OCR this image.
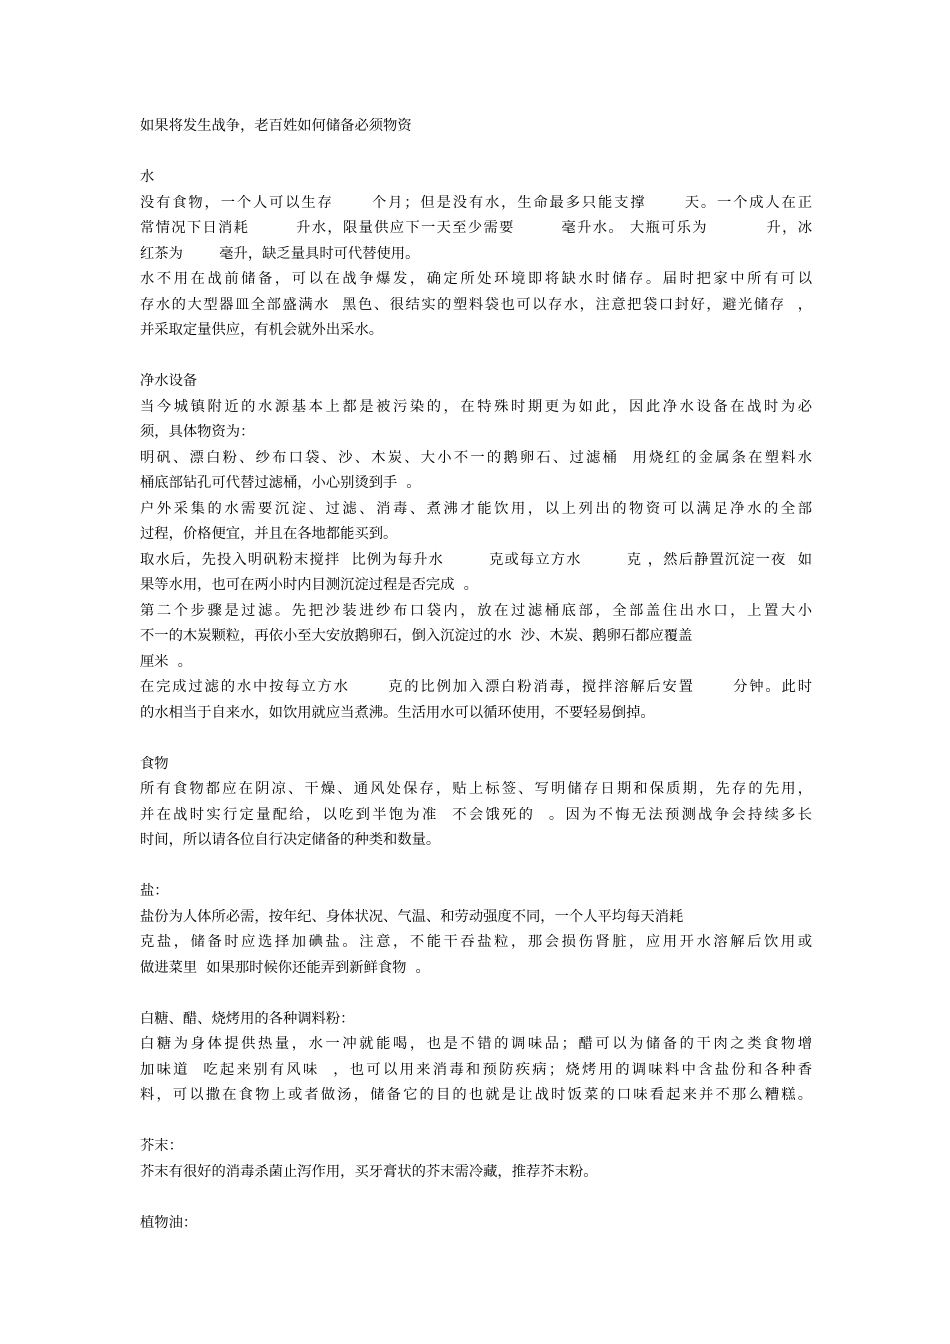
如果将发生战争，老百姓如何储备必须物资
水
没有食物，一个人可以生存      个月；但是没有水，生命最多只能支撑      天。一个成人在正
常情况下日消耗        升水，限量供应下一天至少需要        毫升水。 大瓶可乐为          升，冰
红茶为        毫升，缺乏量具时可代替使用。
水不用在战前储备，可以在战争爆发，确定所处环境即将缺水时储存。届时把家中所有可以
存水的大型器皿全部盛满水  黑色、很结实的塑料袋也可以存水，注意把袋口封好，避光储存  ，
并采取定量供应，有机会就外出采水。
净水设备
当今城镇附近的水源基本上都是被污染的，在特殊时期更为如此，因此净水设备在战时为必
须，具体物资为：
明矾、漂白粉、纱布口袋、沙、木炭、大小不一的鹅卵石、过滤桶  用烧红的金属条在塑料水
桶底部钻孔可代替过滤桶，小心别烫到手  。
户外采集的水需要沉淀、过滤、消毒、煮沸才能饮用，以上列出的物资可以满足净水的全部
过程，价格便宜，并且在各地都能买到。
取水后，先投入明矾粉末搅拌  比例为每升水        克或每立方水        克 ，然后静置沉淀一夜  如
果等水用，也可在两小时内目测沉淀过程是否完成  。
第二个步骤是过滤。先把沙装进纱布口袋内，放在过滤桶底部，全部盖住出水口，上置大小
不一的木炭颗粒，再依小至大安放鹅卵石，倒入沉淀过的水  沙、木炭、鹅卵石都应覆盖
厘米  。
在完成过滤的水中按每立方水      克的比例加入漂白粉消毒，搅拌溶解后安置      分钟。此时
的水相当于自来水，如饮用就应当煮沸。生活用水可以循环使用，不要轻易倒掉。
食物
所有食物都应在阴凉、干燥、通风处保存，贴上标签、写明储存日期和保质期，先存的先用，
并在战时实行定量配给，以吃到半饱为准  不会饿死的  。因为不悔无法预测战争会持续多长
时间，所以请各位自行决定储备的种类和数量。
盐：
盐份为人体所必需，按年纪、身体状况、气温、和劳动强度不同，一个人平均每天消耗
克盐，储备时应选择加碘盐。注意，不能干吞盐粒，那会损伤肾脏，应用开水溶解后饮用或
做进菜里  如果那时候你还能弄到新鲜食物  。
白糖、醋、烧烤用的各种调料粉：
白糖为身体提供热量，水一冲就能喝，也是不错的调味品；醋可以为储备的干肉之类食物增
加味道  吃起来别有风味  ，也可以用来消毒和预防疾病；烧烤用的调味料中含盐份和各种香
料，可以撒在食物上或者做汤，储备它的目的也就是让战时饭菜的口味看起来并不那么糟糕。
芥末：
芥末有很好的消毒杀菌止泻作用，买牙膏状的芥末需冷藏，推荐芥末粉。
植物油：
